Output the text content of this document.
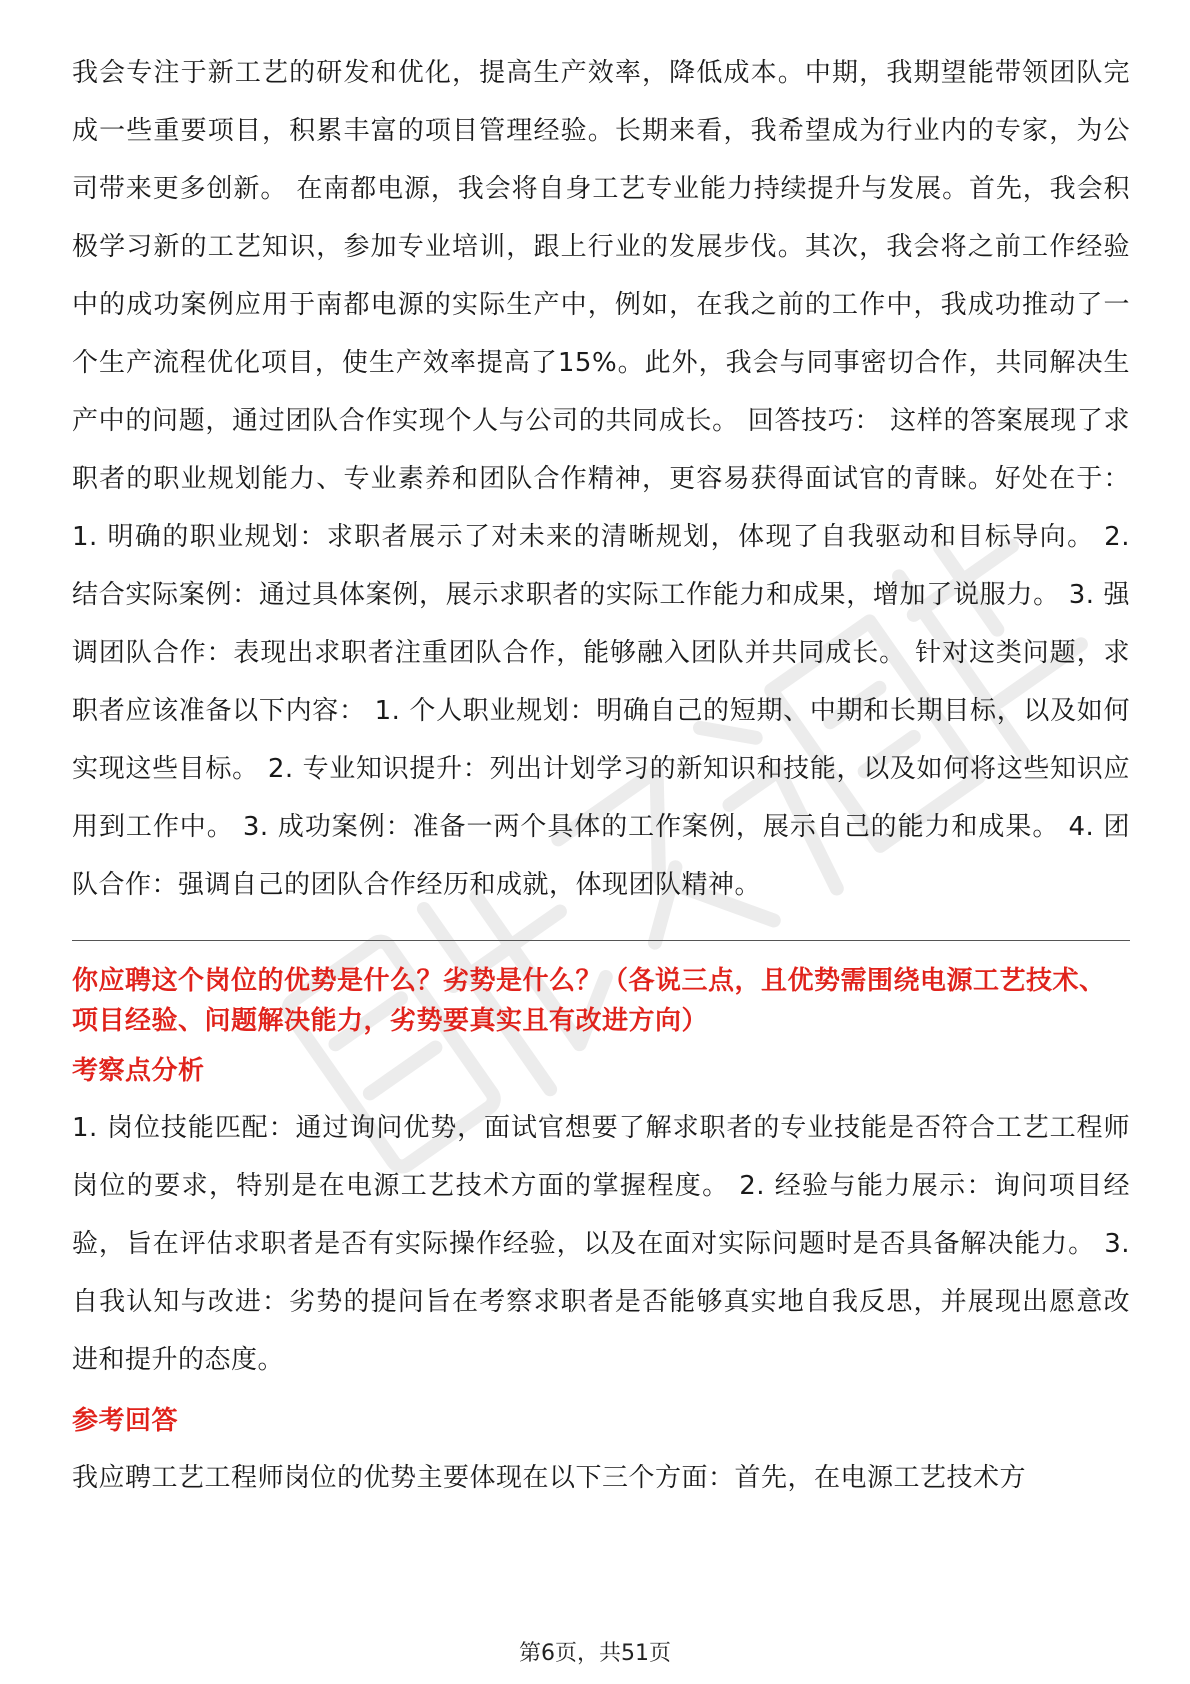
我会专注于新工艺的研发和优化，提高生产效率，降低成本。中期，我期望能带领团队完成一些重要项目，积累丰富的项目管理经验。长期来看，我希望成为行业内的专家，为公司带来更多创新。 在南都电源，我会将自身工艺专业能力持续提升与发展。首先，我会积极学习新的工艺知识，参加专业培训，跟上行业的发展步伐。其次，我会将之前工作经验中的成功案例应用于南都电源的实际生产中，例如，在我之前的工作中，我成功推动了一个生产流程优化项目，使生产效率提高了15%。此外，我会与同事密切合作，共同解决生产中的问题，通过团队合作实现个人与公司的共同成长。 回答技巧： 这样的答案展现了求职者的职业规划能力、专业素养和团队合作精神，更容易获得面试官的青睐。好处在于： 1. 明确的职业规划：求职者展示了对未来的清晰规划，体现了自我驱动和目标导向。 2. 结合实际案例：通过具体案例，展示求职者的实际工作能力和成果，增加了说服力。 3. 强调团队合作：表现出求职者注重团队合作，能够融入团队并共同成长。 针对这类问题，求职者应该准备以下内容： 1. 个人职业规划：明确自己的短期、中期和长期目标，以及如何实现这些目标。 2. 专业知识提升：列出计划学习的新知识和技能，以及如何将这些知识应用到工作中。 3. 成功案例：准备一两个具体的工作案例，展示自己的能力和成果。 4. 团队合作：强调自己的团队合作经历和成就，体现团队精神。

你应聘这个岗位的优势是什么？劣势是什么？（各说三点，且优势需围绕电源工艺技术、项目经验、问题解决能力，劣势要真实且有改进方向）

考察点分析

1. 岗位技能匹配：通过询问优势，面试官想要了解求职者的专业技能是否符合工艺工程师岗位的要求，特别是在电源工艺技术方面的掌握程度。 2. 经验与能力展示：询问项目经验，旨在评估求职者是否有实际操作经验，以及在面对实际问题时是否具备解决能力。 3. 自我认知与改进：劣势的提问旨在考察求职者是否能够真实地自我反思，并展现出愿意改进和提升的态度。

参考回答

我应聘工艺工程师岗位的优势主要体现在以下三个方面：首先，在电源工艺技术方

第6页，共51页
